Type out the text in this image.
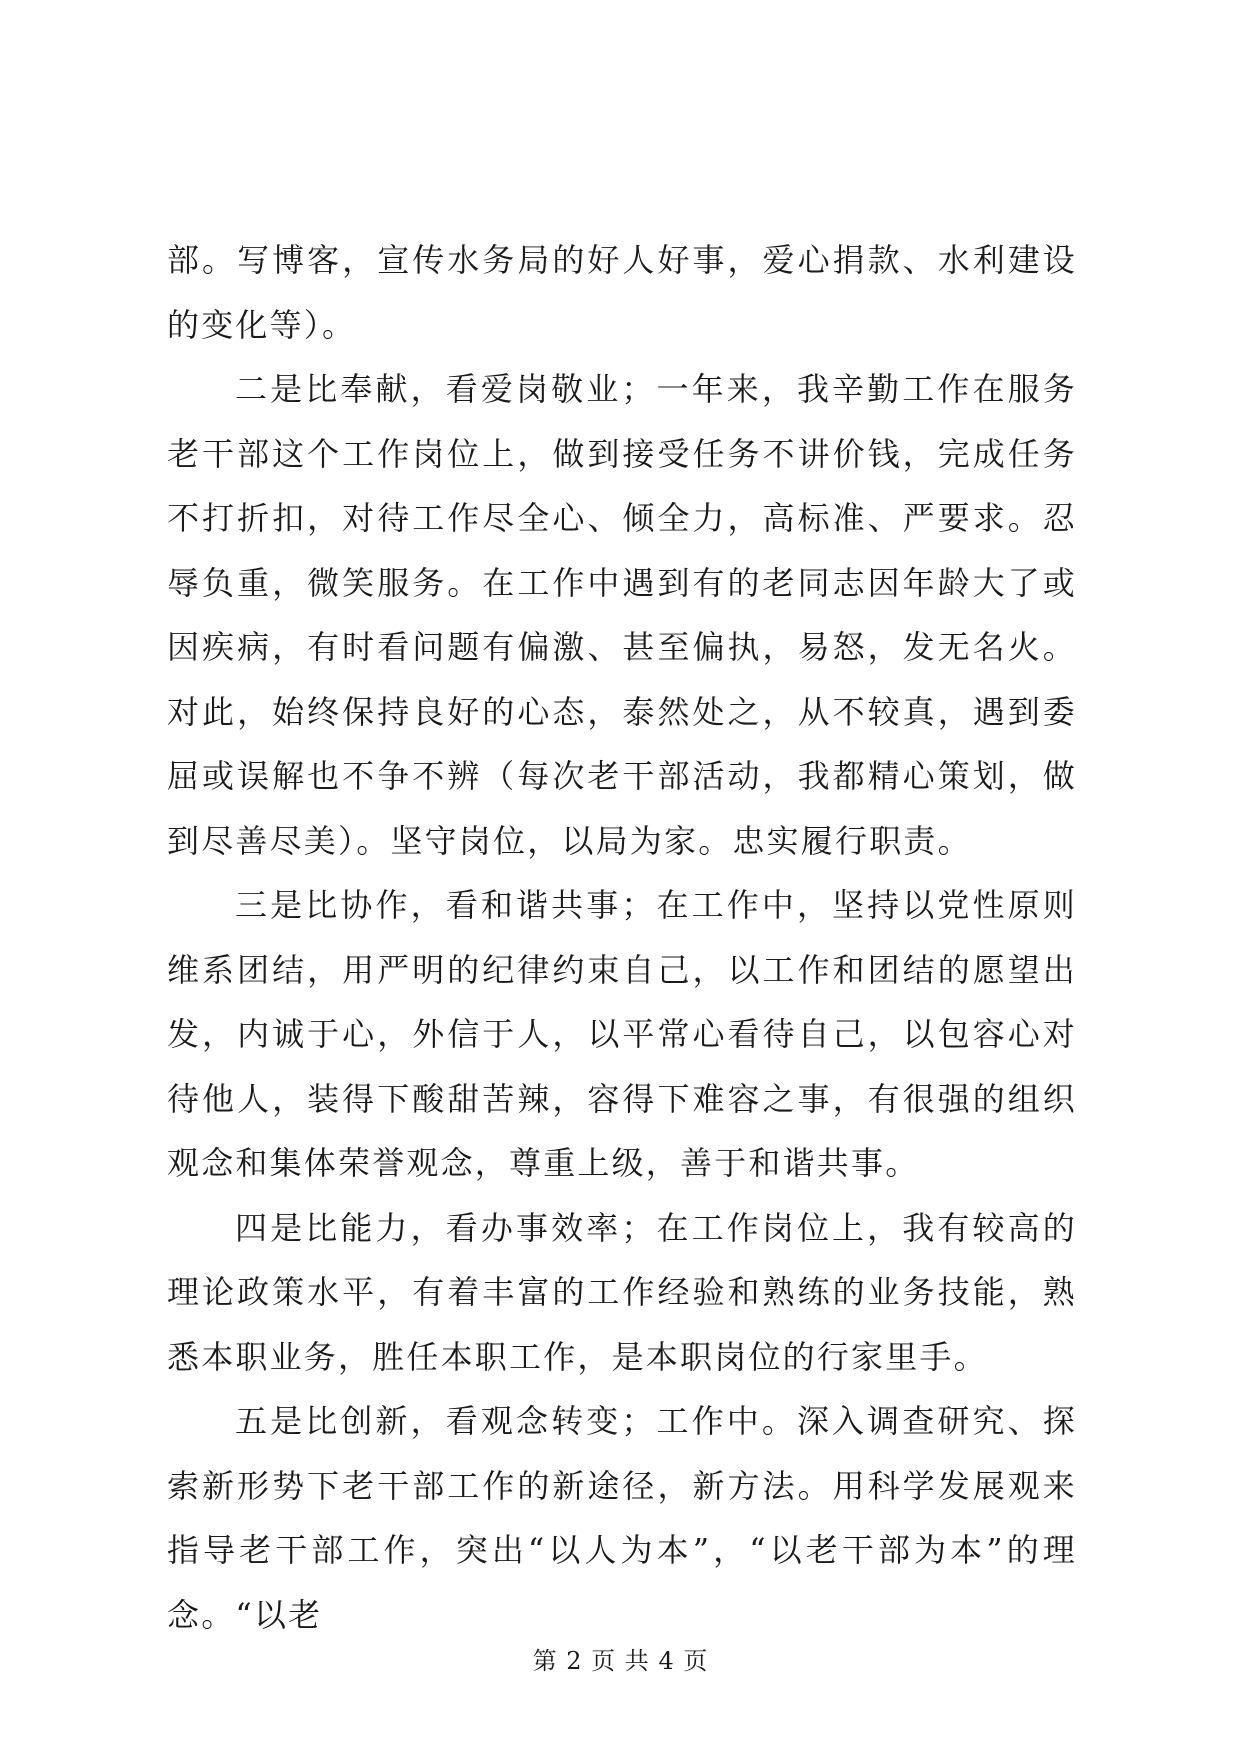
部。写博客，宣传水务局的好人好事，爱心捐款、水利建设的变化等）。

二是比奉献，看爱岗敬业；一年来，我辛勤工作在服务老干部这个工作岗位上，做到接受任务不讲价钱，完成任务不打折扣，对待工作尽全心、倾全力，高标准、严要求。忍辱负重，微笑服务。在工作中遇到有的老同志因年龄大了或因疾病，有时看问题有偏激、甚至偏执，易怒，发无名火。对此，始终保持良好的心态，泰然处之，从不较真，遇到委屈或误解也不争不辨（每次老干部活动，我都精心策划，做到尽善尽美）。坚守岗位，以局为家。忠实履行职责。

三是比协作，看和谐共事；在工作中，坚持以党性原则维系团结，用严明的纪律约束自己，以工作和团结的愿望出发，内诚于心，外信于人，以平常心看待自己，以包容心对待他人，装得下酸甜苦辣，容得下难容之事，有很强的组织观念和集体荣誉观念，尊重上级，善于和谐共事。

四是比能力，看办事效率；在工作岗位上，我有较高的理论政策水平，有着丰富的工作经验和熟练的业务技能，熟悉本职业务，胜任本职工作，是本职岗位的行家里手。

五是比创新，看观念转变；工作中。深入调查研究、探索新形势下老干部工作的新途径，新方法。用科学发展观来指导老干部工作，突出“以人为本”，“以老干部为本”的理念。“以老

第 2 页 共 4 页
